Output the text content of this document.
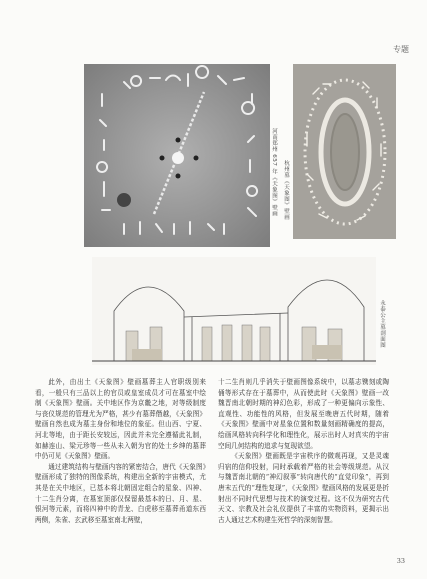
专题
河南郑州 657 年《天象图》壁画 杭州墓《天象图》壁画
永泰公主墓剖面图

此外，由出土《天象图》壁画墓葬主人官职级别来看，一般只有三品以上的官员或皇室成员才可在墓室中绘制《天象图》壁画。关中地区作为京畿之地，对等级制度与丧仪规范的管理尤为严格，甚少有墓葬僭越，《天象图》壁画自然也成为墓主身份和地位的象征。但山西、宁夏、河北等地，由于距长安较远，因此并未完全遵循此礼制，如赫连山、梁元珍等一些从未入朝为官的处士乡绅的墓葬中仍可见《天象图》壁画。

通过建筑结构与壁画内容的紧密结合，唐代《天象图》壁画形成了独特的图像系统，构建出全新的宇宙模式，尤其是在关中地区，已基本将北朝固定组合的星象、四神、十二生肖分离，在墓室顶部仅保留最基本的日、月、星、银河等元素，而将四神中的青龙、白虎移至墓葬甬道东西两侧，朱雀、玄武移至墓室南北两壁，

十二生肖则几乎消失于壁画图像系统中，以墓志镌刻或陶俑等形式存在于墓葬中，从而使此时《天象图》壁画一改魏晋南北朝时期的神幻色彩，形成了一种更偏向示象性、直观性、功能性的风格，但发展至晚唐五代时期，随着《天象图》壁画中对星象位置和数量刻画精确度的提高，绘画风格转向科学化和理性化，展示出时人对真实的宇宙空间几何结构的追求与复现欲望。

《天象图》壁画既是宇宙秩序的微观再现，又是灵魂归宿的信仰投射，同时承载着严格的社会等级规范。从汉与魏晋南北朝的“神幻叙事”转向唐代的“直觉印象”，再到唐末五代的“理性复现”，《天象图》壁画风格的发展更是折射出不同时代思想与技术的演变过程。这不仅为研究古代天文、宗教及社会礼仪提供了丰富的实物资料，更揭示出古人通过艺术构建生死哲学的深刻智慧。

33
